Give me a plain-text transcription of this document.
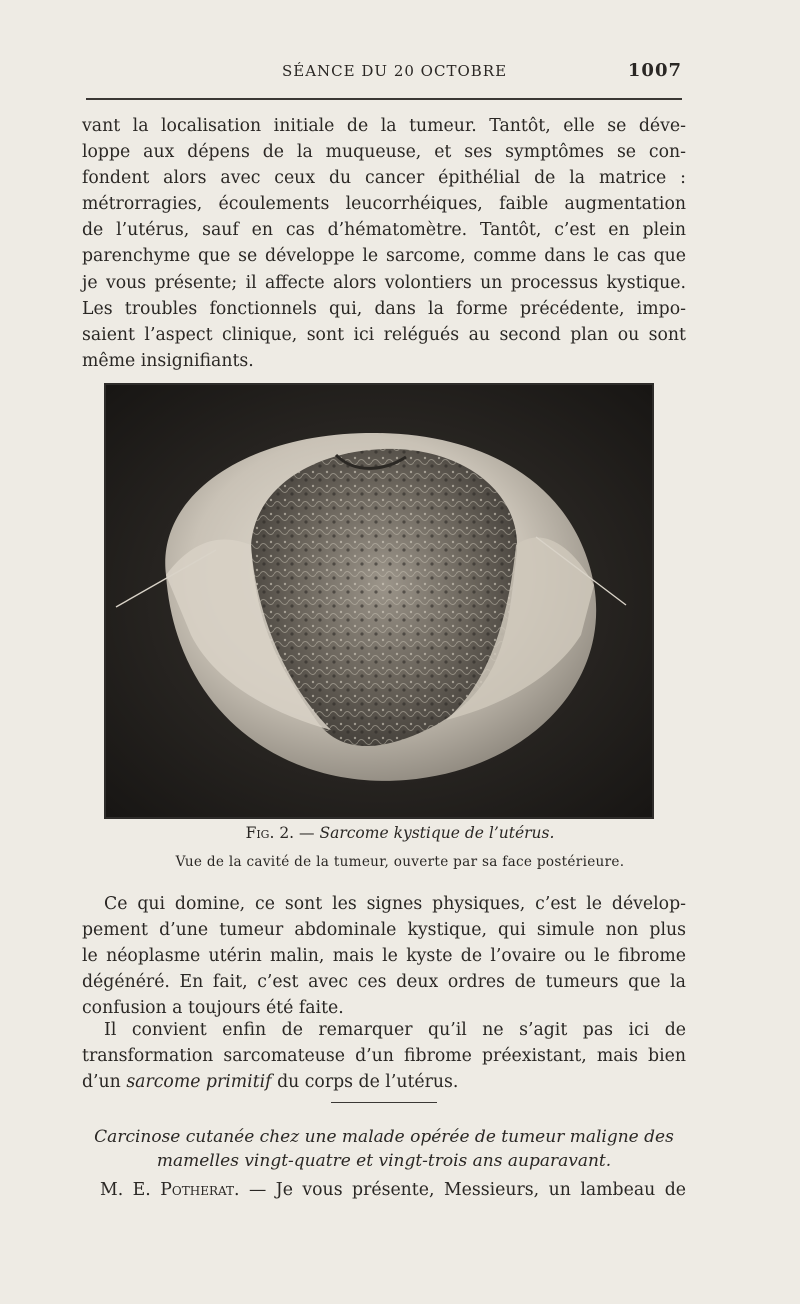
SÉANCE DU 20 OCTOBRE	1007

vant la localisation initiale de la tumeur. Tantôt, elle se déve-
loppe aux dépens de la muqueuse, et ses symptômes se con-
fondent alors avec ceux du cancer épithélial de la matrice :
métrorragies, écoulements leucorrhéiques, faible augmentation
de l’utérus, sauf en cas d’hématomètre. Tantôt, c’est en plein
parenchyme que se développe le sarcome, comme dans le cas que
je vous présente; il affecte alors volontiers un processus kystique.
Les troubles fonctionnels qui, dans la forme précédente, impo-
saient l’aspect clinique, sont ici relégués au second plan ou sont
même insignifiants.

Fig. 2. — Sarcome kystique de l’utérus.
Vue de la cavité de la tumeur, ouverte par sa face postérieure.

Ce qui domine, ce sont les signes physiques, c’est le dévelop-
pement d’une tumeur abdominale kystique, qui simule non plus
le néoplasme utérin malin, mais le kyste de l’ovaire ou le fibrome
dégénéré. En fait, c’est avec ces deux ordres de tumeurs que la
confusion a toujours été faite.

Il convient enfin de remarquer qu’il ne s’agit pas ici de
transformation sarcomateuse d’un fibrome préexistant, mais bien
d’un sarcome primitif du corps de l’utérus.

Carcinose cutanée chez une malade opérée de tumeur maligne des
mamelles vingt-quatre et vingt-trois ans auparavant.
M. E. Potherat. — Je vous présente, Messieurs, un lambeau de
